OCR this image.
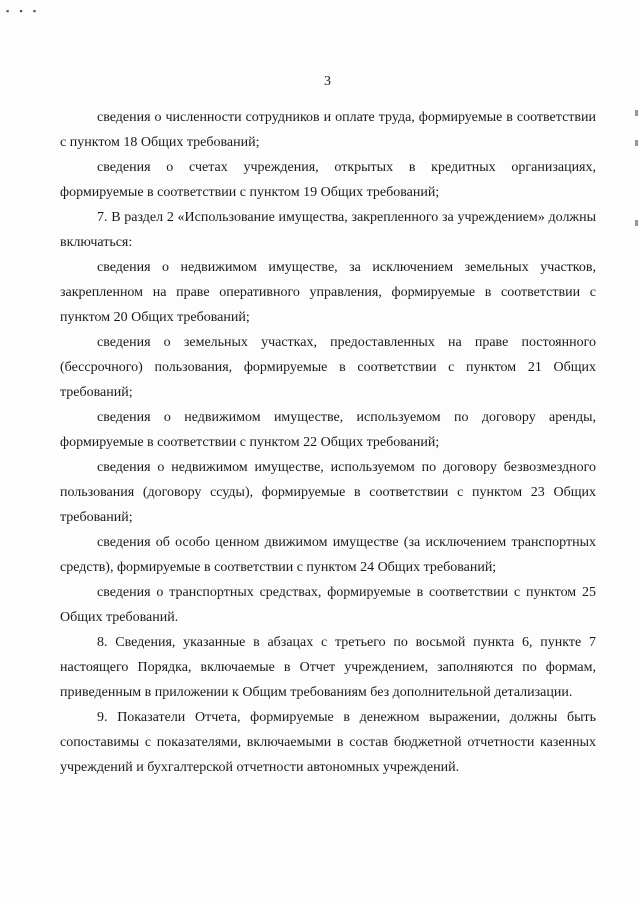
▪ ▪ ▪
3

сведения о численности сотрудников и оплате труда, формируемые в соответствии с пунктом 18 Общих требований;

сведения о счетах учреждения, открытых в кредитных организациях, формируемые в соответствии с пунктом 19 Общих требований;

7. В раздел 2 «Использование имущества, закрепленного за учреждением» должны включаться:

сведения о недвижимом имуществе, за исключением земельных участков, закрепленном на праве оперативного управления, формируемые в соответствии с пунктом 20 Общих требований;

сведения о земельных участках, предоставленных на праве постоянного (бессрочного) пользования, формируемые в соответствии с пунктом 21 Общих требований;

сведения о недвижимом имуществе, используемом по договору аренды, формируемые в соответствии с пунктом 22 Общих требований;

сведения о недвижимом имуществе, используемом по договору безвозмездного пользования (договору ссуды), формируемые в соответствии с пунктом 23 Общих требований;

сведения об особо ценном движимом имуществе (за исключением транспортных средств), формируемые в соответствии с пунктом 24 Общих требований;

сведения о транспортных средствах, формируемые в соответствии с пунктом 25 Общих требований.

8. Сведения, указанные в абзацах с третьего по восьмой пункта 6, пункте 7 настоящего Порядка, включаемые в Отчет учреждением, заполняются по формам, приведенным в приложении к Общим требованиям без дополнительной детализации.

9. Показатели Отчета, формируемые в денежном выражении, должны быть сопоставимы с показателями, включаемыми в состав бюджетной отчетности казенных учреждений и бухгалтерской отчетности автономных учреждений.
